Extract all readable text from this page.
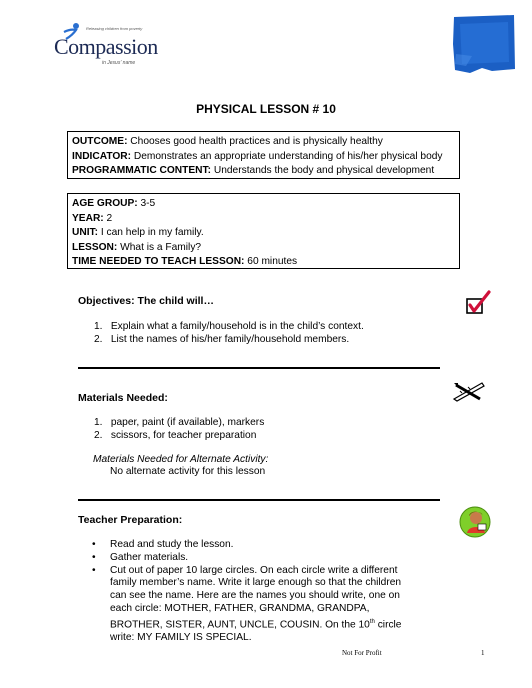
Releasing children from poverty
Compassion
in Jesus' name
PHYSICAL LESSON # 10
OUTCOME: Chooses good health practices and is physically healthy
INDICATOR: Demonstrates an appropriate understanding of his/her physical body
PROGRAMMATIC CONTENT: Understands the body and physical development
AGE GROUP: 3-5
YEAR: 2
UNIT: I can help in my family.
LESSON: What is a Family?
TIME NEEDED TO TEACH LESSON: 60 minutes
Objectives: The child will…
1. Explain what a family/household is in the child’s context.
2. List the names of his/her family/household members.
Materials Needed:
1. paper, paint (if available), markers
2. scissors, for teacher preparation
Materials Needed for Alternate Activity:
No alternate activity for this lesson
Teacher Preparation:
• Read and study the lesson.
• Gather materials.
• Cut out of paper 10 large circles. On each circle write a different family member’s name. Write it large enough so that the children can see the name. Here are the names you should write, one on each circle: MOTHER, FATHER, GRANDMA, GRANDPA, BROTHER, SISTER, AUNT, UNCLE, COUSIN. On the 10th circle write: MY FAMILY IS SPECIAL.
Not For Profit	1
